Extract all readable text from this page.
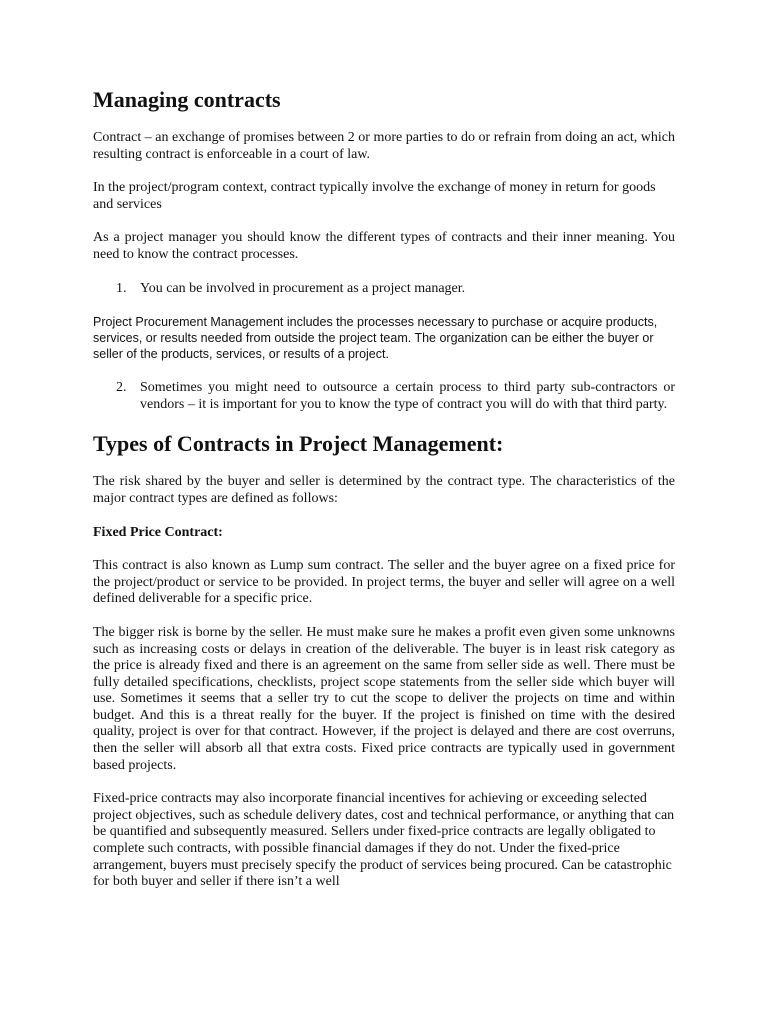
Managing contracts

Contract – an exchange of promises between 2 or more parties to do or refrain from doing an act, which resulting contract is enforceable in a court of law.

In the project/program context, contract typically involve the exchange of money in return for goods and services

As a project manager you should know the different types of contracts and their inner meaning. You need to know the contract processes.

1. You can be involved in procurement as a project manager.

Project Procurement Management includes the processes necessary to purchase or acquire products, services, or results needed from outside the project team. The organization can be either the buyer or seller of the products, services, or results of a project.

2. Sometimes you might need to outsource a certain process to third party sub-contractors or vendors – it is important for you to know the type of contract you will do with that third party.
Types of Contracts in Project Management:

The risk shared by the buyer and seller is determined by the contract type. The characteristics of the major contract types are defined as follows:

Fixed Price Contract:

This contract is also known as Lump sum contract. The seller and the buyer agree on a fixed price for the project/product or service to be provided. In project terms, the buyer and seller will agree on a well defined deliverable for a specific price.

The bigger risk is borne by the seller. He must make sure he makes a profit even given some unknowns such as increasing costs or delays in creation of the deliverable. The buyer is in least risk category as the price is already fixed and there is an agreement on the same from seller side as well. There must be fully detailed specifications, checklists, project scope statements from the seller side which buyer will use. Sometimes it seems that a seller try to cut the scope to deliver the projects on time and within budget. And this is a threat really for the buyer. If the project is finished on time with the desired quality, project is over for that contract. However, if the project is delayed and there are cost overruns, then the seller will absorb all that extra costs. Fixed price contracts are typically used in government based projects.

Fixed-price contracts may also incorporate financial incentives for achieving or exceeding selected project objectives, such as schedule delivery dates, cost and technical performance, or anything that can be quantified and subsequently measured. Sellers under fixed-price contracts are legally obligated to complete such contracts, with possible financial damages if they do not. Under the fixed-price arrangement, buyers must precisely specify the product of services being procured. Can be catastrophic for both buyer and seller if there isn’t a well
